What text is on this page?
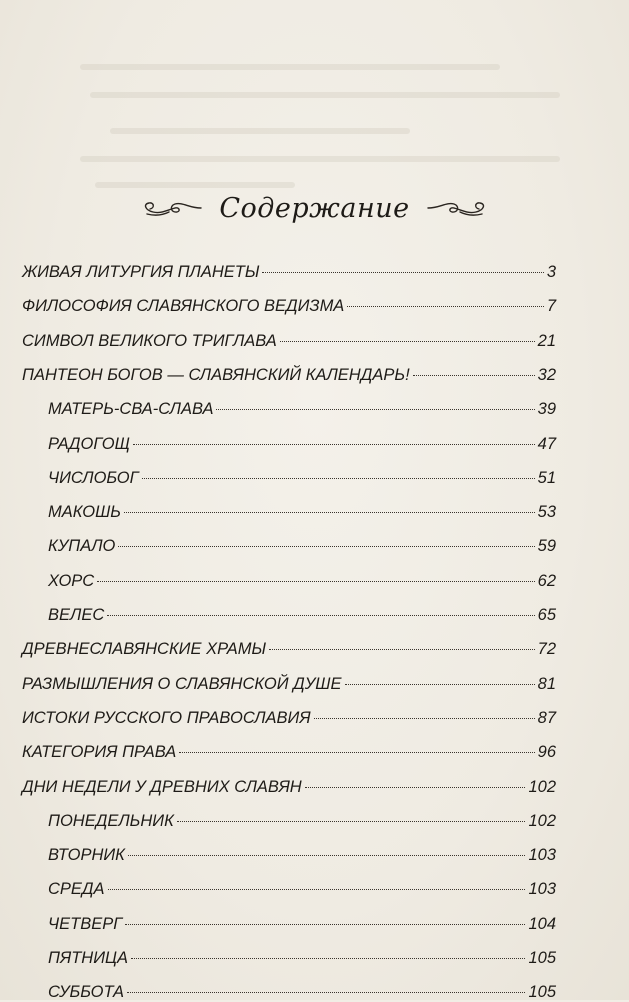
Содержание
ЖИВАЯ ЛИТУРГИЯ ПЛАНЕТЫ	3
ФИЛОСОФИЯ СЛАВЯНСКОГО ВЕДИЗМА	7
СИМВОЛ ВЕЛИКОГО ТРИГЛАВА	21
ПАНТЕОН БОГОВ — СЛАВЯНСКИЙ КАЛЕНДАРЬ!	32
МАТЕРЬ-СВА-СЛАВА	39
РАДОГОЩ	47
ЧИСЛОБОГ	51
МАКОШЬ	53
КУПАЛО	59
ХОРС	62
ВЕЛЕС	65
ДРЕВНЕСЛАВЯНСКИЕ ХРАМЫ	72
РАЗМЫШЛЕНИЯ О СЛАВЯНСКОЙ ДУШЕ	81
ИСТОКИ РУССКОГО ПРАВОСЛАВИЯ	87
КАТЕГОРИЯ ПРАВА	96
ДНИ НЕДЕЛИ У ДРЕВНИХ СЛАВЯН	102
ПОНЕДЕЛЬНИК	102
ВТОРНИК	103
СРЕДА	103
ЧЕТВЕРГ	104
ПЯТНИЦА	105
СУББОТА	105
